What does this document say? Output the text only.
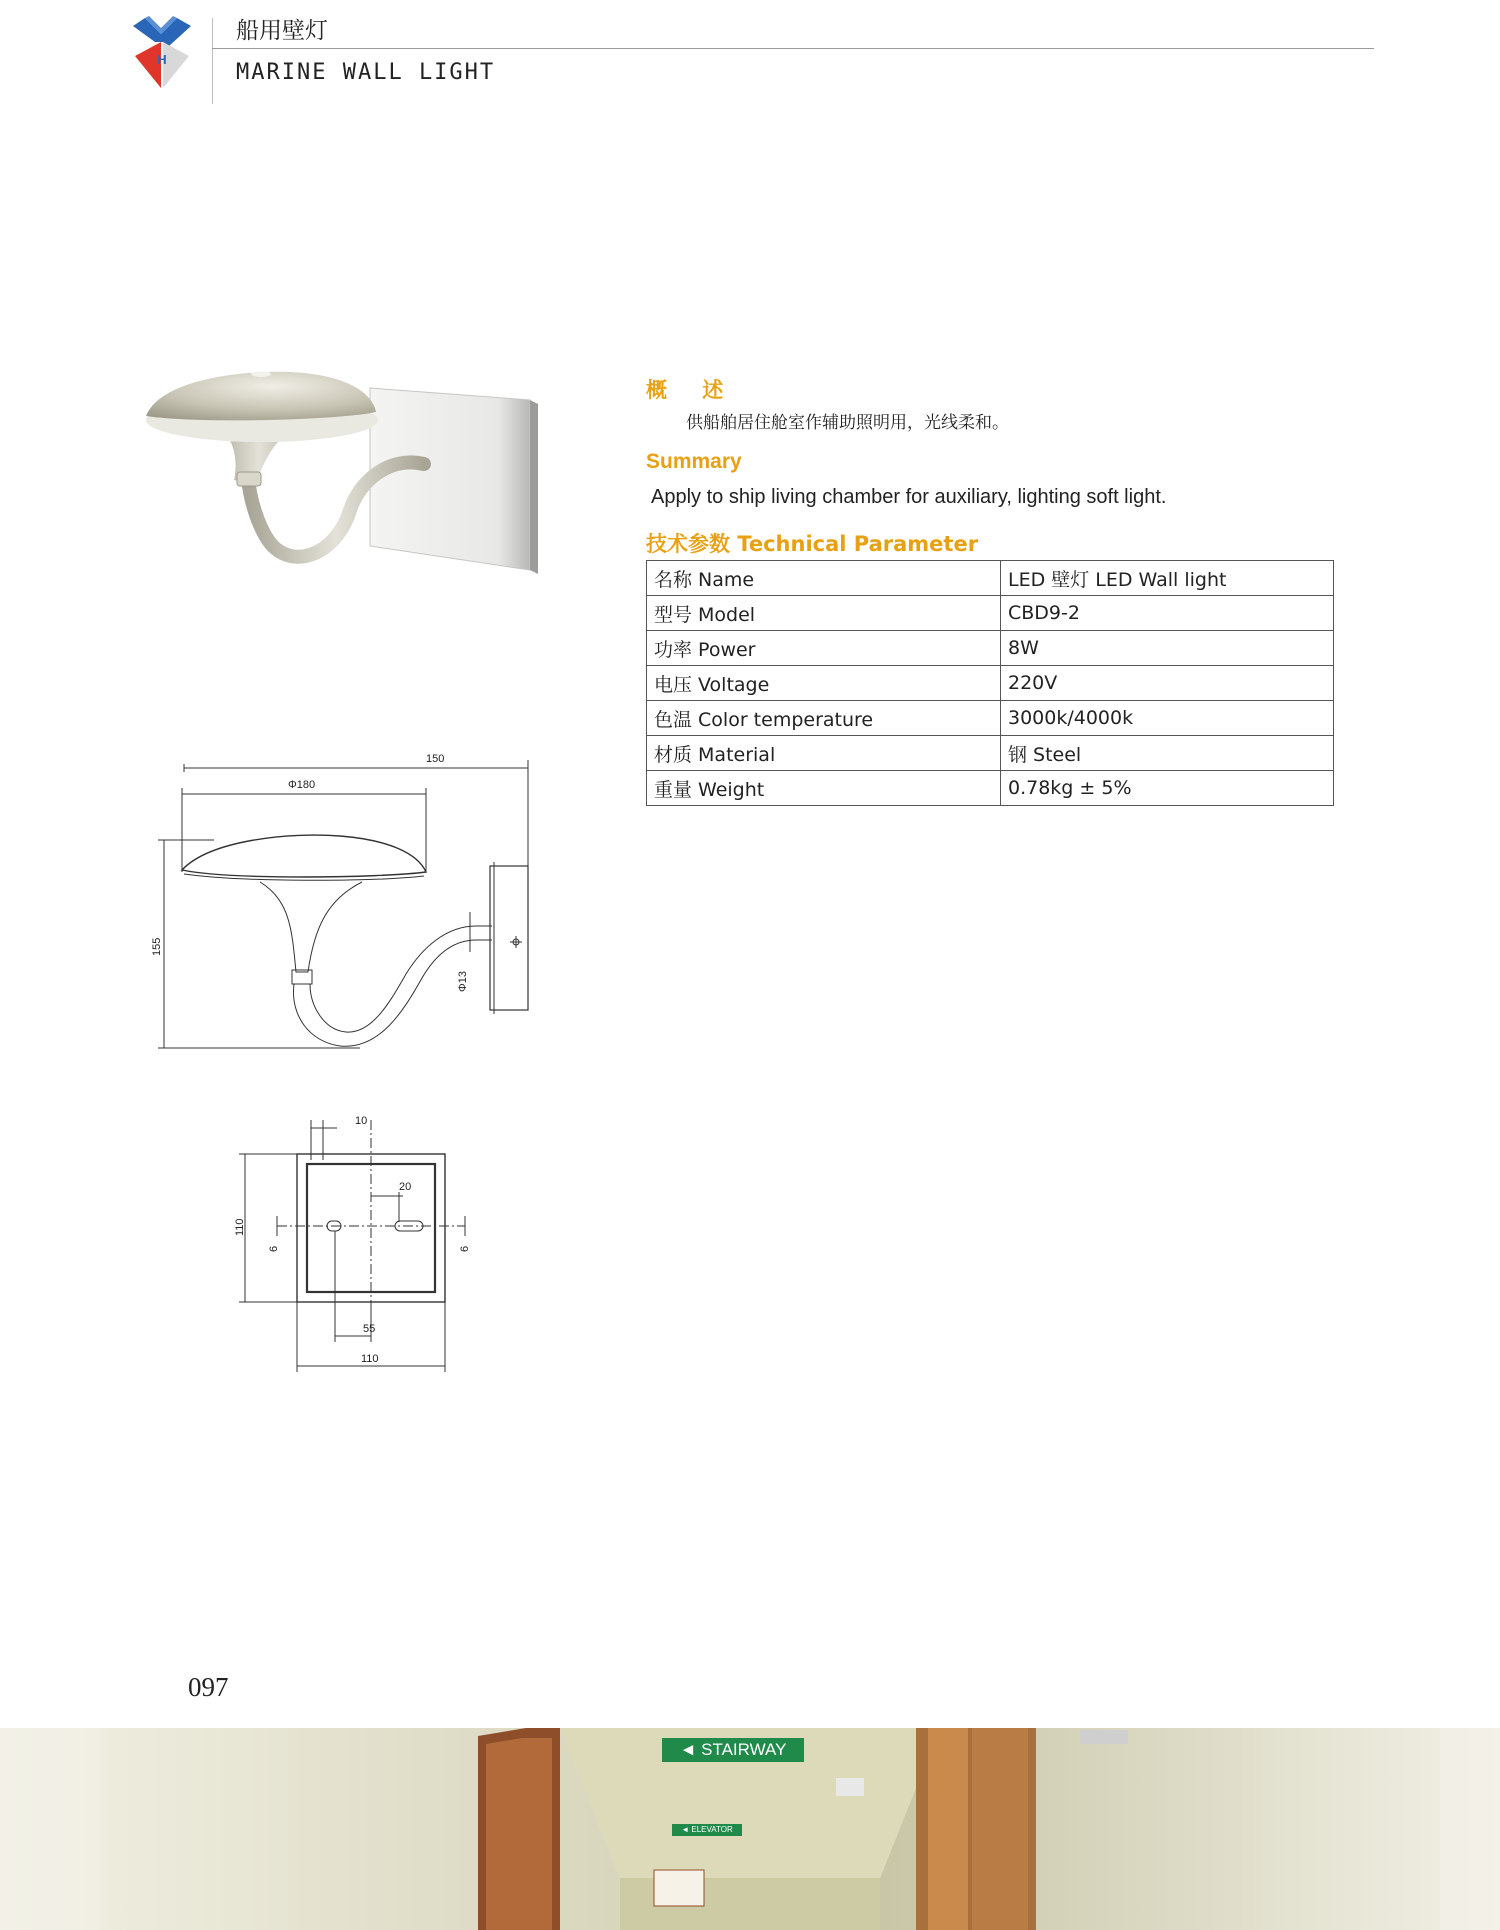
H
船用壁灯
MARINE WALL LIGHT
概 述
供船舶居住舱室作辅助照明用，光线柔和。
Summary
Apply to ship living chamber for auxiliary, lighting soft light.
技术参数 Technical Parameter
名称 Name	LED 壁灯 LED Wall light
型号 Model	CBD9-2
功率 Power	8W
电压 Voltage	220V
色温 Color temperature	3000k/4000k
材质 Material	钢 Steel
重量 Weight	0.78kg ± 5%
150
Φ180
155
Φ13
10
20
110
6	6
55
110
097
◄ STAIRWAY
◄ ELEVATOR
